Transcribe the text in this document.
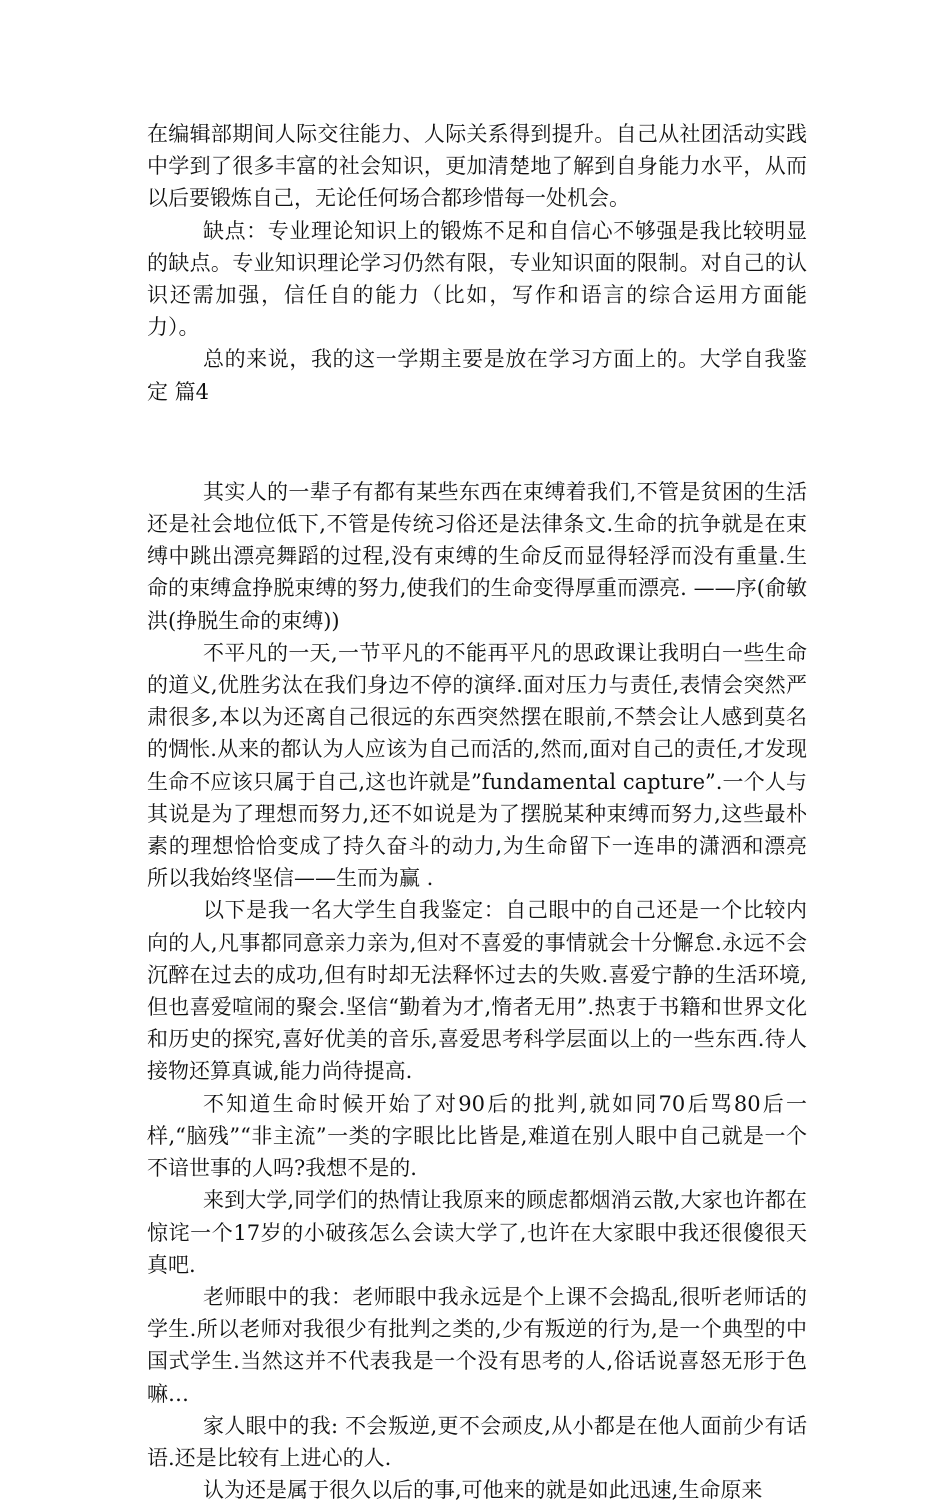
在编辑部期间人际交往能力、人际关系得到提升。自己从社团活动实践中学到了很多丰富的社会知识，更加清楚地了解到自身能力水平，从而以后要锻炼自己，无论任何场合都珍惜每一处机会。

缺点：专业理论知识上的锻炼不足和自信心不够强是我比较明显的缺点。专业知识理论学习仍然有限，专业知识面的限制。对自己的认识还需加强，信任自的能力（比如，写作和语言的综合运用方面能力）。

总的来说，我的这一学期主要是放在学习方面上的。大学自我鉴定 篇4

其实人的一辈子有都有某些东西在束缚着我们,不管是贫困的生活还是社会地位低下,不管是传统习俗还是法律条文.生命的抗争就是在束缚中跳出漂亮舞蹈的过程,没有束缚的生命反而显得轻浮而没有重量.生命的束缚盒挣脱束缚的努力,使我们的生命变得厚重而漂亮. ——序(俞敏洪(挣脱生命的束缚))

不平凡的一天,一节平凡的不能再平凡的思政课让我明白一些生命的道义,优胜劣汰在我们身边不停的演绎.面对压力与责任,表情会突然严肃很多,本以为还离自己很远的东西突然摆在眼前,不禁会让人感到莫名的惆怅.从来的都认为人应该为自己而活的,然而,面对自己的责任,才发现生命不应该只属于自己,这也许就是”fundamental capture”.一个人与其说是为了理想而努力,还不如说是为了摆脱某种束缚而努力,这些最朴素的理想恰恰变成了持久奋斗的动力,为生命留下一连串的潇洒和漂亮 所以我始终坚信——生而为赢 .

以下是我一名大学生自我鉴定：自己眼中的自己还是一个比较内向的人,凡事都同意亲力亲为,但对不喜爱的事情就会十分懈怠.永远不会沉醉在过去的成功,但有时却无法释怀过去的失败.喜爱宁静的生活环境,但也喜爱喧闹的聚会.坚信“勤着为才,惰者无用”.热衷于书籍和世界文化和历史的探究,喜好优美的音乐,喜爱思考科学层面以上的一些东西.待人接物还算真诚,能力尚待提高.

不知道生命时候开始了对90后的批判,就如同70后骂80后一样,“脑残”“非主流”一类的字眼比比皆是,难道在别人眼中自己就是一个不谙世事的人吗?我想不是的.

来到大学,同学们的热情让我原来的顾虑都烟消云散,大家也许都在惊诧一个17岁的小破孩怎么会读大学了,也许在大家眼中我还很傻很天真吧.

老师眼中的我：老师眼中我永远是个上课不会捣乱,很听老师话的学生.所以老师对我很少有批判之类的,少有叛逆的行为,是一个典型的中国式学生.当然这并不代表我是一个没有思考的人,俗话说喜怒无形于色嘛…

家人眼中的我: 不会叛逆,更不会顽皮,从小都是在他人面前少有话语.还是比较有上进心的人.

认为还是属于很久以后的事,可他来的就是如此迅速,生命原来
